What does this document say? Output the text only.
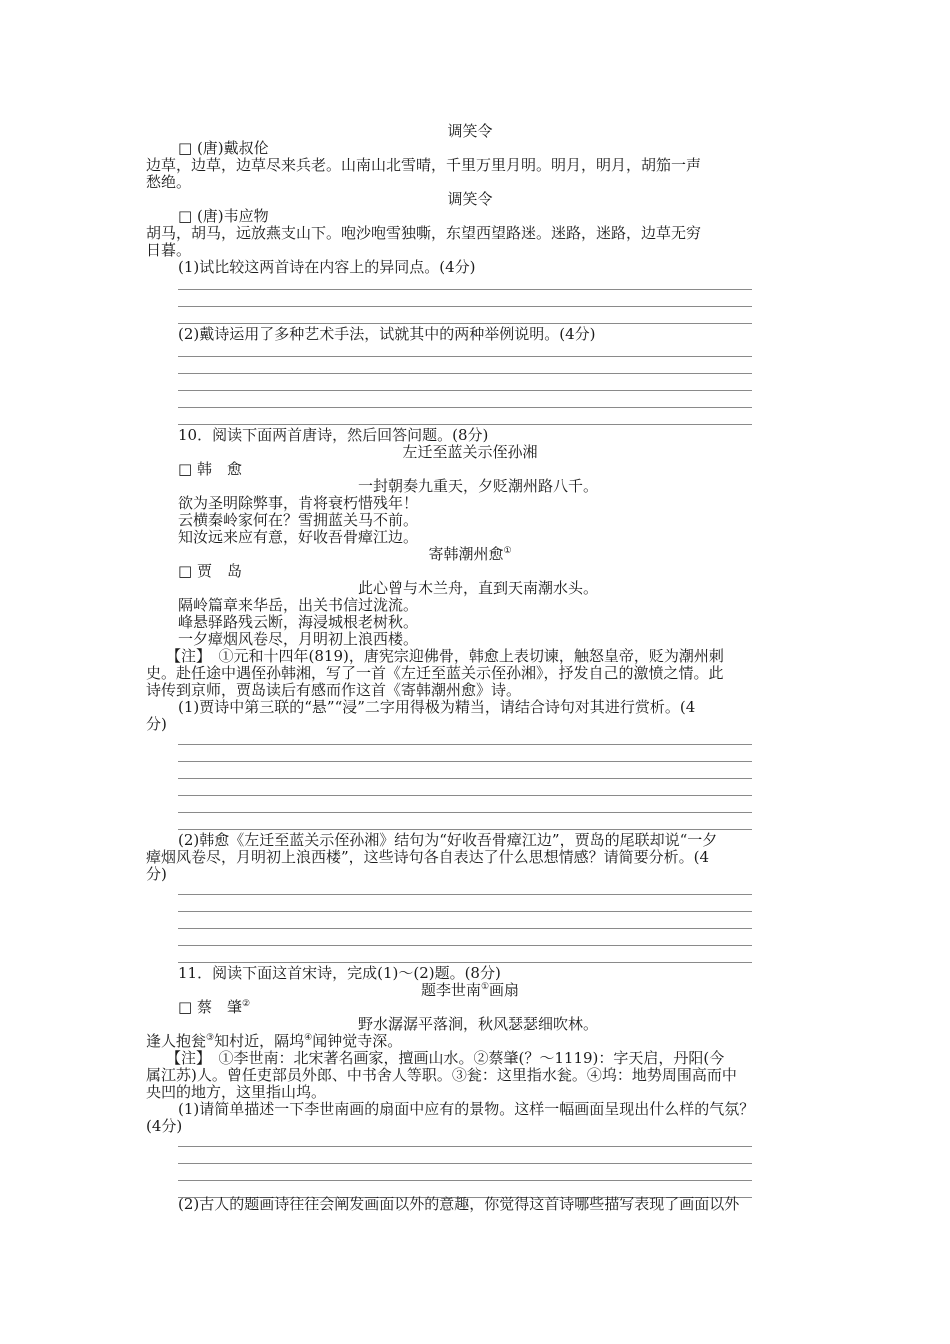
调笑令
□ (唐)戴叔伦
边草，边草，边草尽来兵老。山南山北雪晴，千里万里月明。明月，明月，胡笳一声
愁绝。
调笑令
□ (唐)韦应物
胡马，胡马，远放燕支山下。咆沙咆雪独嘶，东望西望路迷。迷路，迷路，边草无穷
日暮。
(1)试比较这两首诗在内容上的异同点。(4分)
(2)戴诗运用了多种艺术手法，试就其中的两种举例说明。(4分)
10．阅读下面两首唐诗，然后回答问题。(8分)
左迁至蓝关示侄孙湘
□ 韩　愈
一封朝奏九重天，夕贬潮州路八千。
欲为圣明除弊事，肯将衰朽惜残年！
云横秦岭家何在？雪拥蓝关马不前。
知汝远来应有意，好收吾骨瘴江边。
寄韩潮州愈①
□ 贾　岛
此心曾与木兰舟，直到天南潮水头。
隔岭篇章来华岳，出关书信过泷流。
峰悬驿路残云断，海浸城根老树秋。
一夕瘴烟风卷尽，月明初上浪西楼。
【注】　①元和十四年(819)，唐宪宗迎佛骨，韩愈上表切谏，触怒皇帝，贬为潮州刺
史。赴任途中遇侄孙韩湘，写了一首《左迁至蓝关示侄孙湘》，抒发自己的激愤之情。此
诗传到京师，贾岛读后有感而作这首《寄韩潮州愈》诗。
(1)贾诗中第三联的“悬”“浸”二字用得极为精当，请结合诗句对其进行赏析。(4
分)
(2)韩愈《左迁至蓝关示侄孙湘》结句为“好收吾骨瘴江边”，贾岛的尾联却说“一夕
瘴烟风卷尽，月明初上浪西楼”，这些诗句各自表达了什么思想情感？请简要分析。(4
分)
11．阅读下面这首宋诗，完成(1)～(2)题。(8分)
题李世南①画扇
□ 蔡　肇②
野水潺潺平落涧，秋风瑟瑟细吹林。
逢人抱瓮③知村近，隔坞④闻钟觉寺深。
【注】　①李世南：北宋著名画家，擅画山水。②蔡肇(？～1119)：字天启，丹阳(今
属江苏)人。曾任吏部员外郎、中书舍人等职。③瓮：这里指水瓮。④坞：地势周围高而中
央凹的地方，这里指山坞。
(1)请简单描述一下李世南画的扇面中应有的景物。这样一幅画面呈现出什么样的气氛？
(4分)
(2)古人的题画诗往往会阐发画面以外的意趣，你觉得这首诗哪些描写表现了画面以外
